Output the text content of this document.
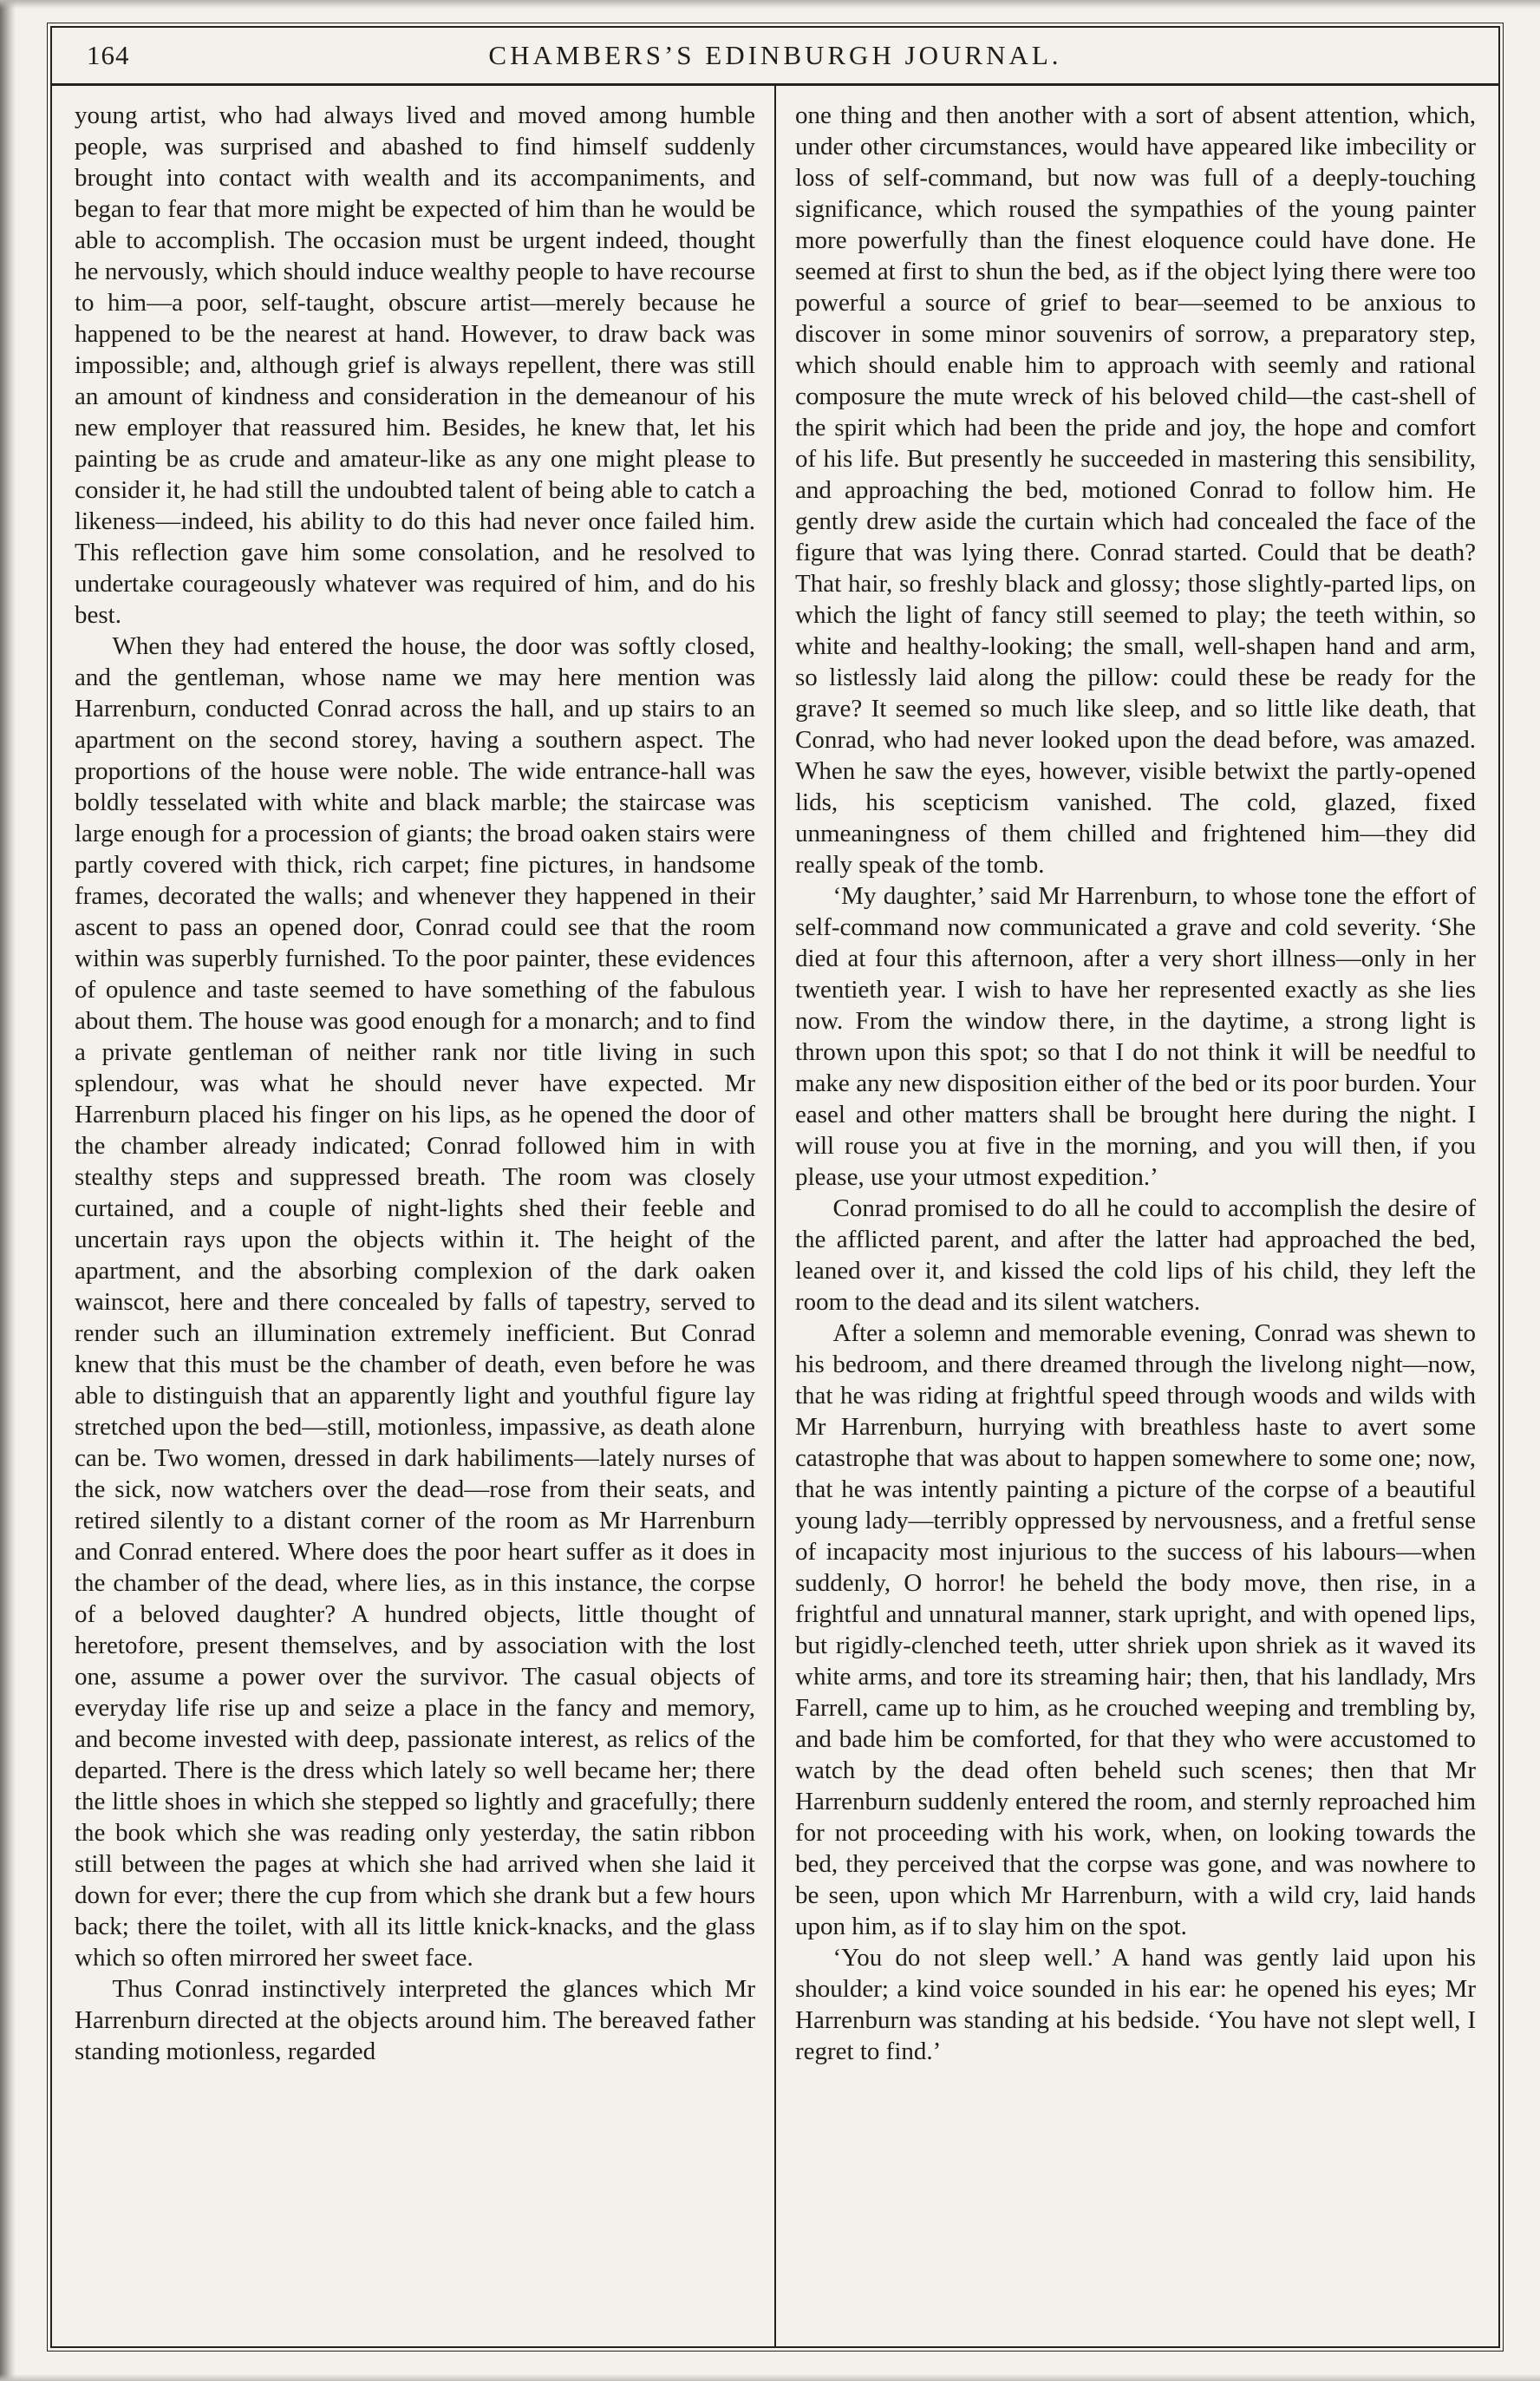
164	CHAMBERS’S EDINBURGH JOURNAL.

young artist, who had always lived and moved among humble people, was surprised and abashed to find himself suddenly brought into contact with wealth and its accompaniments, and began to fear that more might be expected of him than he would be able to accomplish. The occasion must be urgent indeed, thought he nervously, which should induce wealthy people to have recourse to him—a poor, self-taught, obscure artist—merely because he happened to be the nearest at hand. However, to draw back was impossible; and, although grief is always repellent, there was still an amount of kindness and consideration in the demeanour of his new employer that reassured him. Besides, he knew that, let his painting be as crude and amateur-like as any one might please to consider it, he had still the undoubted talent of being able to catch a likeness—indeed, his ability to do this had never once failed him. This reflection gave him some consolation, and he resolved to undertake courageously whatever was required of him, and do his best.

When they had entered the house, the door was softly closed, and the gentleman, whose name we may here mention was Harrenburn, conducted Conrad across the hall, and up stairs to an apartment on the second storey, having a southern aspect. The proportions of the house were noble. The wide entrance-hall was boldly tesselated with white and black marble; the staircase was large enough for a procession of giants; the broad oaken stairs were partly covered with thick, rich carpet; fine pictures, in handsome frames, decorated the walls; and whenever they happened in their ascent to pass an opened door, Conrad could see that the room within was superbly furnished. To the poor painter, these evidences of opulence and taste seemed to have something of the fabulous about them. The house was good enough for a monarch; and to find a private gentleman of neither rank nor title living in such splendour, was what he should never have expected. Mr Harrenburn placed his finger on his lips, as he opened the door of the chamber already indicated; Conrad followed him in with stealthy steps and suppressed breath. The room was closely curtained, and a couple of night-lights shed their feeble and uncertain rays upon the objects within it. The height of the apartment, and the absorbing complexion of the dark oaken wainscot, here and there concealed by falls of tapestry, served to render such an illumination extremely inefficient. But Conrad knew that this must be the chamber of death, even before he was able to distinguish that an apparently light and youthful figure lay stretched upon the bed—still, motionless, impassive, as death alone can be. Two women, dressed in dark habiliments—lately nurses of the sick, now watchers over the dead—rose from their seats, and retired silently to a distant corner of the room as Mr Harrenburn and Conrad entered. Where does the poor heart suffer as it does in the chamber of the dead, where lies, as in this instance, the corpse of a beloved daughter? A hundred objects, little thought of heretofore, present themselves, and by association with the lost one, assume a power over the survivor. The casual objects of everyday life rise up and seize a place in the fancy and memory, and become invested with deep, passionate interest, as relics of the departed. There is the dress which lately so well became her; there the little shoes in which she stepped so lightly and gracefully; there the book which she was reading only yesterday, the satin ribbon still between the pages at which she had arrived when she laid it down for ever; there the cup from which she drank but a few hours back; there the toilet, with all its little knick-knacks, and the glass which so often mirrored her sweet face.

Thus Conrad instinctively interpreted the glances which Mr Harrenburn directed at the objects around him. The bereaved father standing motionless, regarded

one thing and then another with a sort of absent attention, which, under other circumstances, would have appeared like imbecility or loss of self-command, but now was full of a deeply-touching significance, which roused the sympathies of the young painter more powerfully than the finest eloquence could have done. He seemed at first to shun the bed, as if the object lying there were too powerful a source of grief to bear—seemed to be anxious to discover in some minor souvenirs of sorrow, a preparatory step, which should enable him to approach with seemly and rational composure the mute wreck of his beloved child—the cast-shell of the spirit which had been the pride and joy, the hope and comfort of his life. But presently he succeeded in mastering this sensibility, and approaching the bed, motioned Conrad to follow him. He gently drew aside the curtain which had concealed the face of the figure that was lying there. Conrad started. Could that be death? That hair, so freshly black and glossy; those slightly-parted lips, on which the light of fancy still seemed to play; the teeth within, so white and healthy-looking; the small, well-shapen hand and arm, so listlessly laid along the pillow: could these be ready for the grave? It seemed so much like sleep, and so little like death, that Conrad, who had never looked upon the dead before, was amazed. When he saw the eyes, however, visible betwixt the partly-opened lids, his scepticism vanished. The cold, glazed, fixed unmeaningness of them chilled and frightened him—they did really speak of the tomb.

‘My daughter,’ said Mr Harrenburn, to whose tone the effort of self-command now communicated a grave and cold severity. ‘She died at four this afternoon, after a very short illness—only in her twentieth year. I wish to have her represented exactly as she lies now. From the window there, in the daytime, a strong light is thrown upon this spot; so that I do not think it will be needful to make any new disposition either of the bed or its poor burden. Your easel and other matters shall be brought here during the night. I will rouse you at five in the morning, and you will then, if you please, use your utmost expedition.’

Conrad promised to do all he could to accomplish the desire of the afflicted parent, and after the latter had approached the bed, leaned over it, and kissed the cold lips of his child, they left the room to the dead and its silent watchers.

After a solemn and memorable evening, Conrad was shewn to his bedroom, and there dreamed through the livelong night—now, that he was riding at frightful speed through woods and wilds with Mr Harrenburn, hurrying with breathless haste to avert some catastrophe that was about to happen somewhere to some one; now, that he was intently painting a picture of the corpse of a beautiful young lady—terribly oppressed by nervousness, and a fretful sense of incapacity most injurious to the success of his labours—when suddenly, O horror! he beheld the body move, then rise, in a frightful and unnatural manner, stark upright, and with opened lips, but rigidly-clenched teeth, utter shriek upon shriek as it waved its white arms, and tore its streaming hair; then, that his landlady, Mrs Farrell, came up to him, as he crouched weeping and trembling by, and bade him be comforted, for that they who were accustomed to watch by the dead often beheld such scenes; then that Mr Harrenburn suddenly entered the room, and sternly reproached him for not proceeding with his work, when, on looking towards the bed, they perceived that the corpse was gone, and was nowhere to be seen, upon which Mr Harrenburn, with a wild cry, laid hands upon him, as if to slay him on the spot.

‘You do not sleep well.’ A hand was gently laid upon his shoulder; a kind voice sounded in his ear: he opened his eyes; Mr Harrenburn was standing at his bedside. ‘You have not slept well, I regret to find.’
